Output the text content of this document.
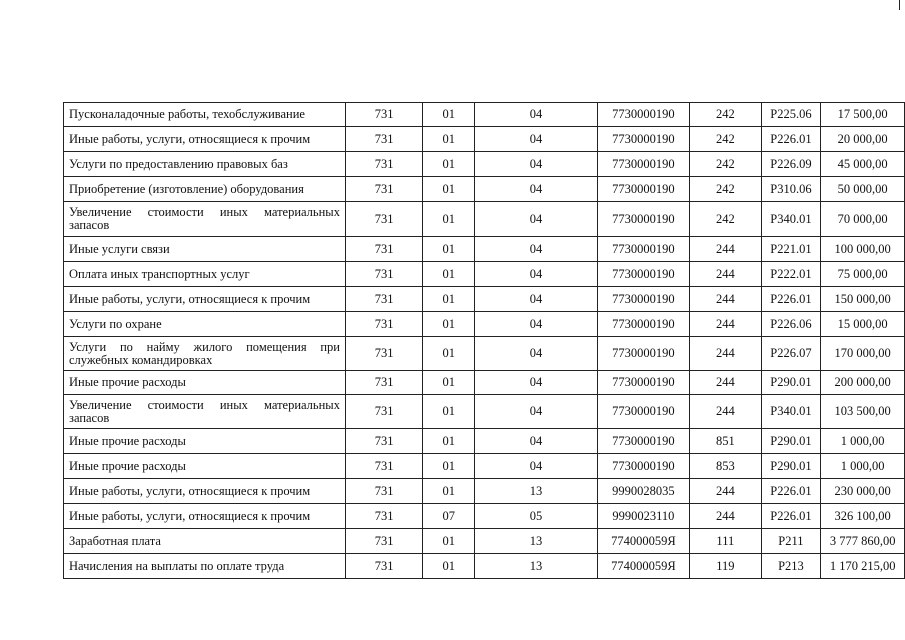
Пусконаладочные работы, техобслуживание	731	01	04	7730000190	242	Р225.06	17 500,00
Иные работы, услуги, относящиеся к прочим	731	01	04	7730000190	242	Р226.01	20 000,00
Услуги по предоставлению правовых баз	731	01	04	7730000190	242	Р226.09	45 000,00
Приобретение (изготовление) оборудования	731	01	04	7730000190	242	Р310.06	50 000,00
Увеличение стоимости иных материальных запасов	731	01	04	7730000190	242	Р340.01	70 000,00
Иные услуги связи	731	01	04	7730000190	244	Р221.01	100 000,00
Оплата иных транспортных услуг	731	01	04	7730000190	244	Р222.01	75 000,00
Иные работы, услуги, относящиеся к прочим	731	01	04	7730000190	244	Р226.01	150 000,00
Услуги по охране	731	01	04	7730000190	244	Р226.06	15 000,00
Услуги по найму жилого помещения при служебных командировках	731	01	04	7730000190	244	Р226.07	170 000,00
Иные прочие расходы	731	01	04	7730000190	244	Р290.01	200 000,00
Увеличение стоимости иных материальных запасов	731	01	04	7730000190	244	Р340.01	103 500,00
Иные прочие расходы	731	01	04	7730000190	851	Р290.01	1 000,00
Иные прочие расходы	731	01	04	7730000190	853	Р290.01	1 000,00
Иные работы, услуги, относящиеся к прочим	731	01	13	9990028035	244	Р226.01	230 000,00
Иные работы, услуги, относящиеся к прочим	731	07	05	9990023110	244	Р226.01	326 100,00
Заработная плата	731	01	13	774000059Я	111	Р211	3 777 860,00
Начисления на выплаты по оплате труда	731	01	13	774000059Я	119	Р213	1 170 215,00
